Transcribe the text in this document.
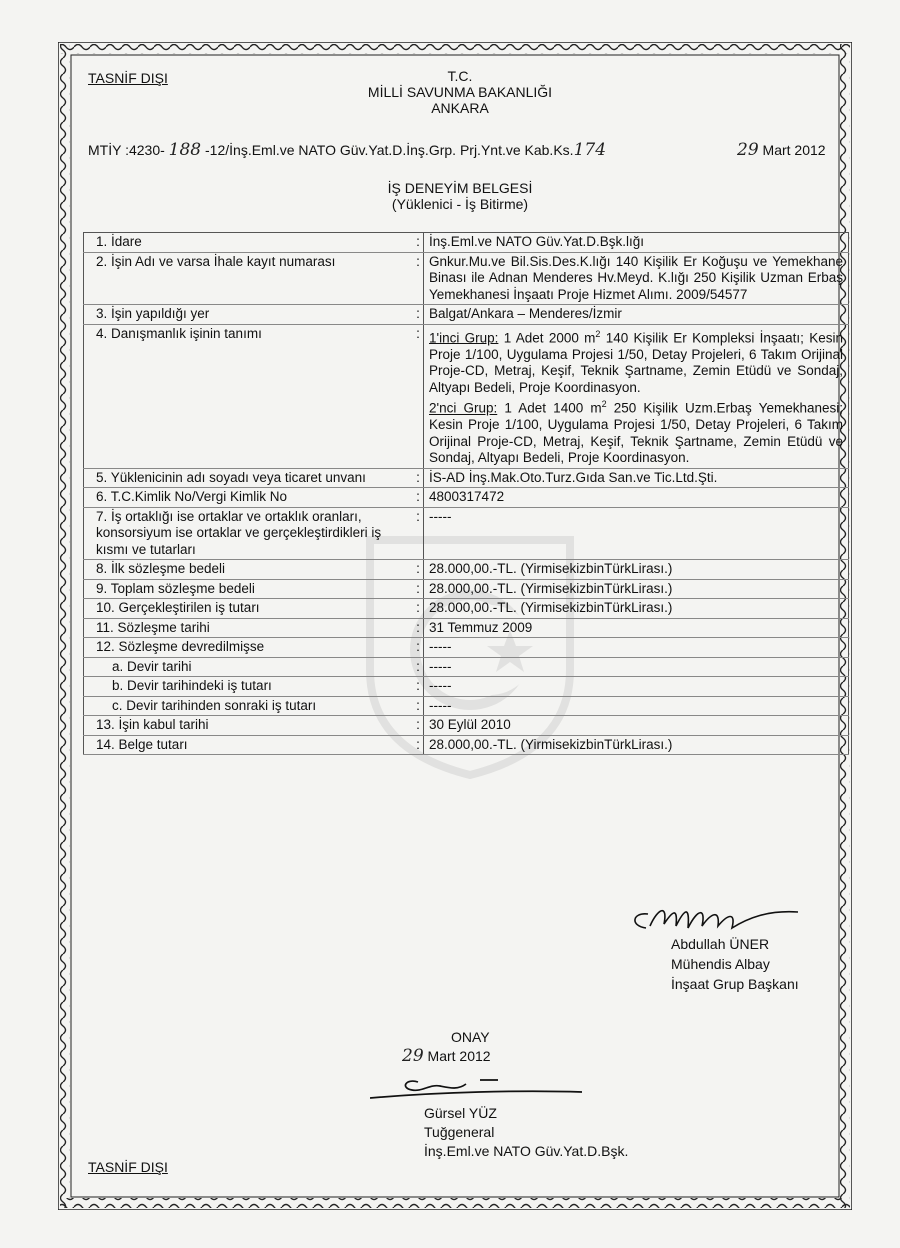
TASNİF DIŞI	T.C.
MİLLİ SAVUNMA BAKANLIĞI
ANKARA
MTİY :4230- 188 -12/İnş.Eml.ve NATO Güv.Yat.D.İnş.Grp. Prj.Ynt.ve Kab.Ks.174	29 Mart 2012
İŞ DENEYİM BELGESİ
(Yüklenici - İş Bitirme)
1. İdare	:	İnş.Eml.ve NATO Güv.Yat.D.Bşk.lığı
2. İşin Adı ve varsa İhale kayıt numarası	:	Gnkur.Mu.ve Bil.Sis.Des.K.lığı 140 Kişilik Er Koğuşu ve Yemekhane Binası ile Adnan Menderes Hv.Meyd. K.lığı 250 Kişilik Uzman Erbaş Yemekhanesi İnşaatı Proje Hizmet Alımı. 2009/54577
3. İşin yapıldığı yer	:	Balgat/Ankara – Menderes/İzmir
4. Danışmanlık işinin tanımı	:	1'inci Grup: 1 Adet 2000 $m^2$ 140 Kişilik Er Kompleksi İnşaatı; Kesin Proje 1/100, Uygulama Projesi 1/50, Detay Projeleri, 6 Takım Orijinal Proje-CD, Metraj, Keşif, Teknik Şartname, Zemin Etüdü ve Sondaj, Altyapı Bedeli, Proje Koordinasyon.
2'nci Grup: 1 Adet 1400 $m^2$ 250 Kişilik Uzm.Erbaş Yemekhanesi; Kesin Proje 1/100, Uygulama Projesi 1/50, Detay Projeleri, 6 Takım Orijinal Proje-CD, Metraj, Keşif, Teknik Şartname, Zemin Etüdü ve Sondaj, Altyapı Bedeli, Proje Koordinasyon.
5. Yüklenicinin adı soyadı veya ticaret unvanı	:	İS-AD İnş.Mak.Oto.Turz.Gıda San.ve Tic.Ltd.Şti.
6. T.C.Kimlik No/Vergi Kimlik No	:	4800317472
7. İş ortaklığı ise ortaklar ve ortaklık oranları, konsorsiyum ise ortaklar ve gerçekleştirdikleri iş kısmı ve tutarları	:	-----
8. İlk sözleşme bedeli	:	28.000,00.-TL. (YirmisekizbinTürkLirası.)
9. Toplam sözleşme bedeli	:	28.000,00.-TL. (YirmisekizbinTürkLirası.)
10. Gerçekleştirilen iş tutarı	:	28.000,00.-TL. (YirmisekizbinTürkLirası.)
11. Sözleşme tarihi	:	31 Temmuz 2009
12. Sözleşme devredilmişse	:	-----
a. Devir tarihi	:	-----
b. Devir tarihindeki iş tutarı	:	-----
c. Devir tarihinden sonraki iş tutarı	:	-----
13. İşin kabul tarihi	:	30 Eylül 2010
14. Belge tutarı	:	28.000,00.-TL. (YirmisekizbinTürkLirası.)
Abdullah ÜNER
Mühendis Albay
İnşaat Grup Başkanı
ONAY
29 Mart 2012
Gürsel YÜZ
Tuğgeneral
İnş.Eml.ve NATO Güv.Yat.D.Bşk.
TASNİF DIŞI
